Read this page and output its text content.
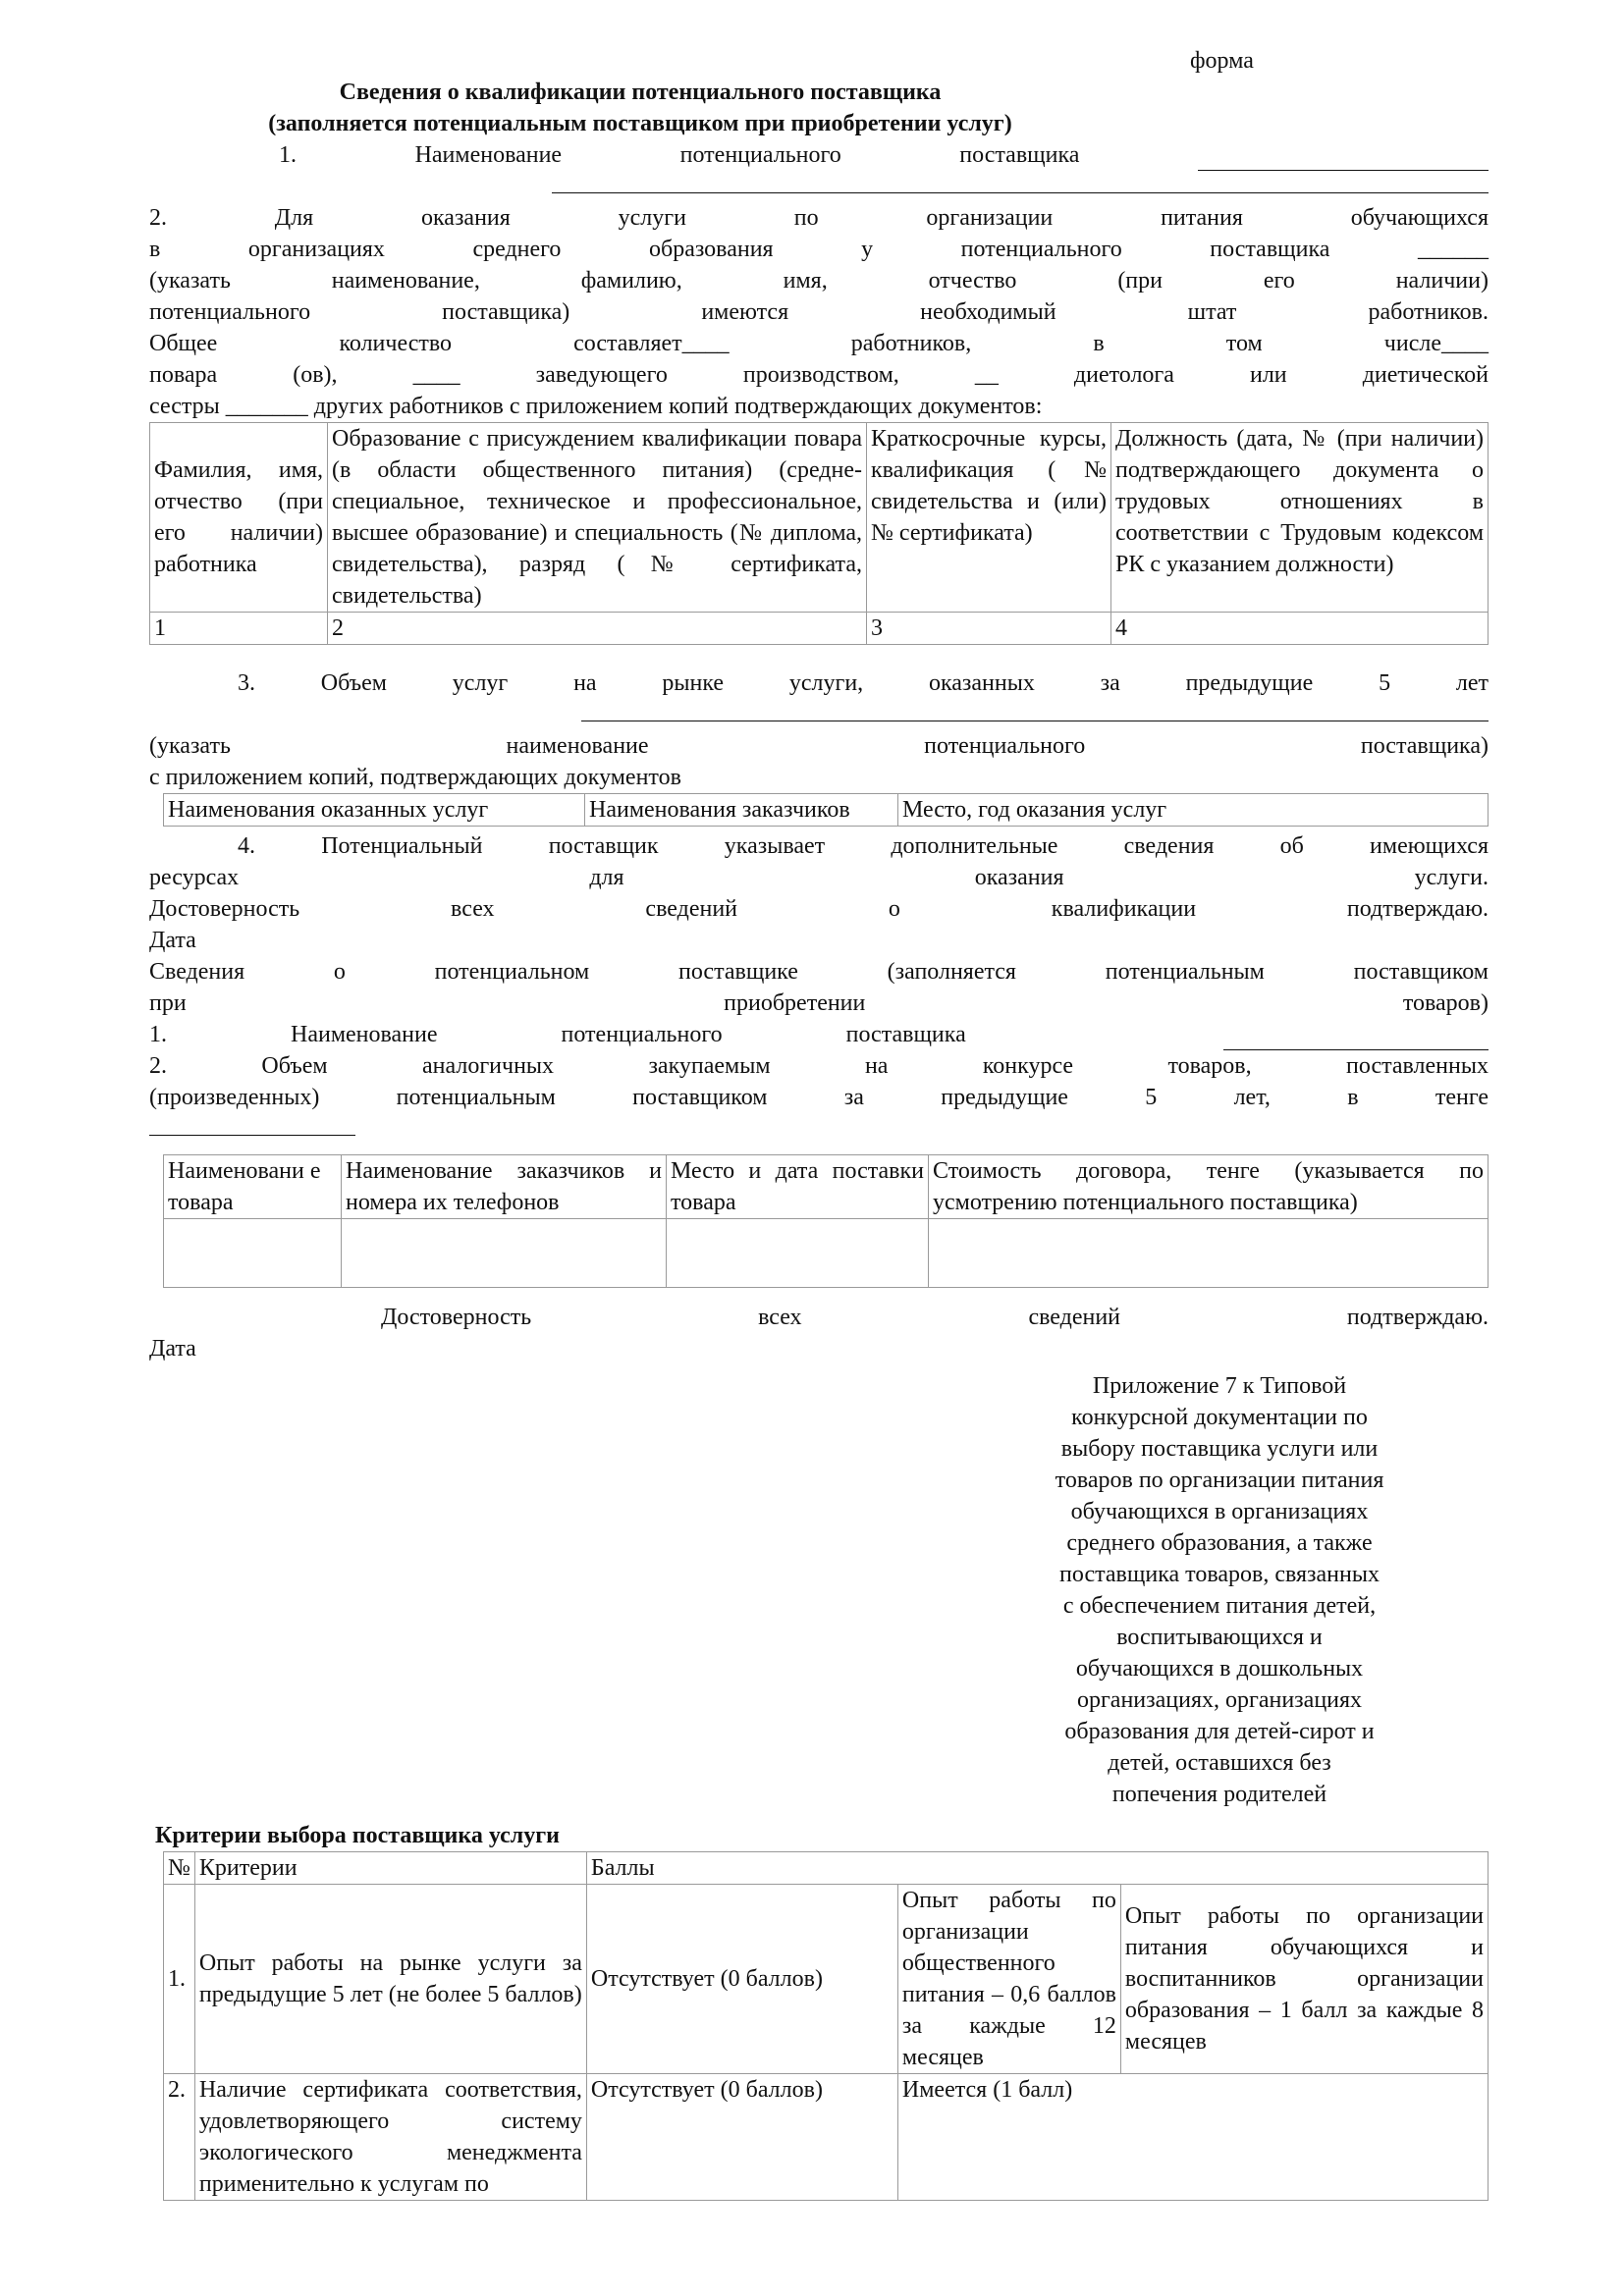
форма
Сведения о квалификации потенциального поставщика
(заполняется потенциальным поставщиком при приобретении услуг)
1.	Наименование	потенциального	поставщика
2. Для оказания услуги по организации питания обучающихся
в организациях среднего образования у потенциального поставщика ______
(указать наименование, фамилию, имя, отчество (при его наличии)
потенциального поставщика) имеются необходимый штат работников.
Общее количество составляет____ работников, в том числе____
повара (ов), ____ заведующего производством, __ диетолога или диетической
сестры _______ других работников с приложением копий подтверждающих документов:
Фамилия, имя, отчество (при его наличии) работника	Образование с присуждением квалификации повара (в области общественного питания) (средне-специальное, техническое и профессиональное, высшее образование) и специальность (№ диплома, свидетельства), разряд (№ сертификата, свидетельства)	Краткосрочные курсы, квалификация (№ свидетельства и (или) № сертификата)	Должность (дата, № (при наличии) подтверждающего документа о трудовых отношениях в соответствии с Трудовым кодексом РК с указанием должности)
1	2	3	4
3. Объем услуг на рынке услуги, оказанных за предыдущие 5 лет
(указать наименование потенциального поставщика)
с приложением копий, подтверждающих документов
Наименования оказанных услуг	Наименования заказчиков	Место, год оказания услуг
4. Потенциальный поставщик указывает дополнительные сведения об имеющихся
ресурсах для оказания услуги.
Достоверность всех сведений о квалификации подтверждаю.
Дата
Сведения о потенциальном поставщике (заполняется потенциальным поставщиком
при приобретении товаров)
1. Наименование потенциального поставщика
2. Объем аналогичных закупаемым на конкурсе товаров, поставленных
(произведенных) потенциальным поставщиком за предыдущие 5 лет, в тенге
Наименовани е товара	Наименование заказчиков и номера их телефонов	Место и дата поставки товара	Стоимость договора, тенге (указывается по усмотрению потенциального поставщика)

Достоверность всех сведений подтверждаю.
Дата
Критерии выбора поставщика услуги
№	Критерии	Баллы		
1.	Опыт работы на рынке услуги за предыдущие 5 лет (не более 5 баллов)	Отсутствует (0 баллов)	Опыт работы по организации общественного питания – 0,6 баллов за каждые 12 месяцев	Опыт работы по организации питания обучающихся и воспитанников организации образования – 1 балл за каждые 8 месяцев
2.	Наличие сертификата соответствия, удовлетворяющего систему экологического менеджмента применительно к услугам по	Отсутствует (0 баллов)	Имеется (1 балл)	
Приложение 7 к Типовой
конкурсной документации по
выбору поставщика услуги или
товаров по организации питания
обучающихся в организациях
среднего образования, а также
поставщика товаров, связанных
с обеспечением питания детей,
воспитывающихся и
обучающихся в дошкольных
организациях, организациях
образования для детей-сирот и
детей, оставшихся без
попечения родителей
